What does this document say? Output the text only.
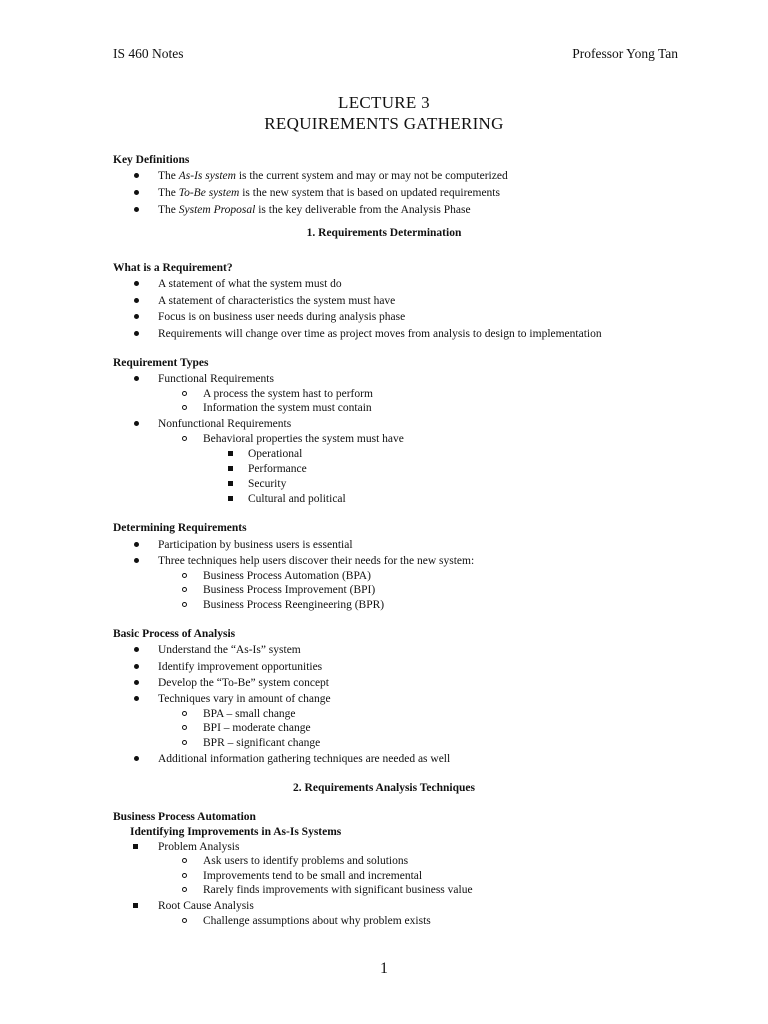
IS 460 Notes	Professor Yong Tan
LECTURE 3
REQUIREMENTS GATHERING
Key Definitions
The As-Is system is the current system and may or may not be computerized
The To-Be system is the new system that is based on updated requirements
The System Proposal is the key deliverable from the Analysis Phase
1. Requirements Determination
What is a Requirement?
A statement of what the system must do
A statement of characteristics the system must have
Focus is on business user needs during analysis phase
Requirements will change over time as project moves from analysis to design to implementation
Requirement Types
Functional Requirements
A process the system hast to perform
Information the system must contain
Nonfunctional Requirements
Behavioral properties the system must have
Operational
Performance
Security
Cultural and political
Determining Requirements
Participation by business users is essential
Three techniques help users discover their needs for the new system:
Business Process Automation (BPA)
Business Process Improvement (BPI)
Business Process Reengineering (BPR)
Basic Process of Analysis
Understand the “As-Is” system
Identify improvement opportunities
Develop the “To-Be” system concept
Techniques vary in amount of change
BPA – small change
BPI – moderate change
BPR – significant change
Additional information gathering techniques are needed as well
2. Requirements Analysis Techniques
Business Process Automation
Identifying Improvements in As-Is Systems
Problem Analysis
Ask users to identify problems and solutions
Improvements tend to be small and incremental
Rarely finds improvements with significant business value
Root Cause Analysis
Challenge assumptions about why problem exists
1
